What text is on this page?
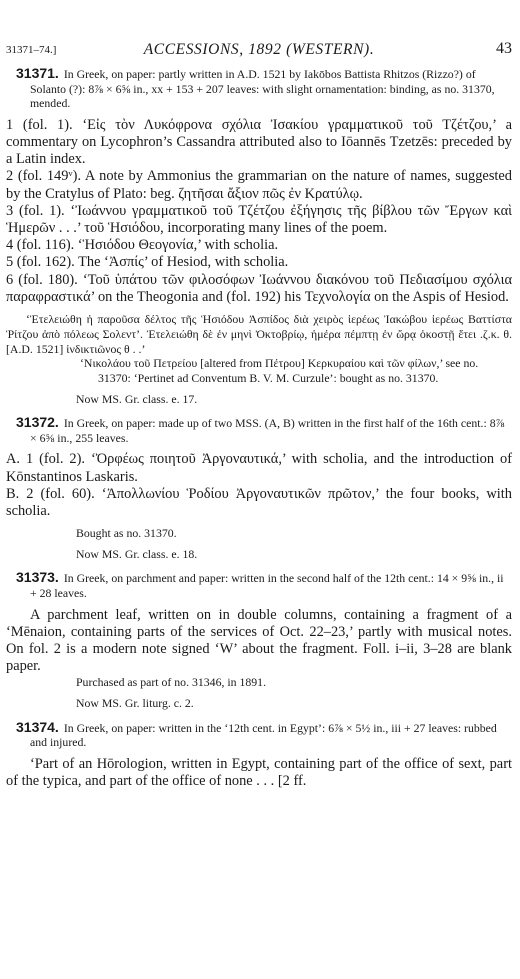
31371–74.]	ACCESSIONS, 1892 (WESTERN).	43
31371. In Greek, on paper: partly written in A.D. 1521 by Iakōbos Battista Rhitzos (Rizzo?) of Solanto (?): 8⅞ × 6⅝ in., xx + 153 + 207 leaves: with slight ornamentation: binding, as no. 31370, mended.
1 (fol. 1). ‘Εἰς τὸν Λυκόφρονα σχόλια Ἰσακίου γραμματικοῦ τοῦ Τζέτζου,’ a commentary on Lycophron’s Cassandra attributed also to Iōannēs Tzetzēs: preceded by a Latin index.
2 (fol. 149ᵛ). A note by Ammonius the grammarian on the nature of names, suggested by the Cratylus of Plato: beg. ζητῆσαι ἄξιον πῶς ἐν Κρατύλῳ.
3 (fol. 1). ‘Ἰωάννου γραμματικοῦ τοῦ Τζέτζου ἐξήγησις τῆς βίβλου τῶν Ἔργων καὶ Ἡμερῶν . . .’ τοῦ Ἡσιόδου, incorporating many lines of the poem.
4 (fol. 116). ‘Ἡσιόδου Θεογονία,’ with scholia.
5 (fol. 162). The ‘Ἀσπίς’ of Hesiod, with scholia.
6 (fol. 180). ‘Τοῦ ὑπάτου τῶν φιλοσόφων Ἰωάννου διακόνου τοῦ Πεδιασίμου σχόλια παραφραστικά’ on the Theogonia and (fol. 192) his Τεχνολογία on the Aspis of Hesiod.
‘Ἐτελειώθη ἡ παροῦσα δέλτος τῆς Ἡσιόδου Ἀσπίδος διὰ χειρὸς ἱερέως Ἰακώβου ἱερέως Βαττίστα Ῥίτζου ἀπὸ πόλεως Σολεντ’. Ἐτελειώθη δὲ ἐν μηνὶ Ὀκτοβρίῳ, ἡμέρα πέμπτῃ ἐν ὥρᾳ ὀκοστῇ ἔτει .ζ.κ. θ. [A.D. 1521] ἰνδικτιῶνος θ . .’
‘Νικολάου τοῦ Πετρείου [altered from Πέτρου] Κερκυραίου καὶ τῶν φίλων,’ see no. 31370: ‘Pertinet ad Conventum B. V. M. Curzule’: bought as no. 31370.
Now MS. Gr. class. e. 17.
31372. In Greek, on paper: made up of two MSS. (A, B) written in the first half of the 16th cent.: 8⅞ × 6⅝ in., 255 leaves.
A. 1 (fol. 2). ‘Ὀρφέως ποιητοῦ Ἀργοναυτικά,’ with scholia, and the introduction of Kōnstantinos Laskaris.
B. 2 (fol. 60). ‘Ἀπολλωνίου Ῥοδίου Ἀργοναυτικῶν πρῶτον,’ the four books, with scholia.
Bought as no. 31370.
Now MS. Gr. class. e. 18.
31373. In Greek, on parchment and paper: written in the second half of the 12th cent.: 14 × 9⅝ in., ii + 28 leaves.
A parchment leaf, written on in double columns, containing a fragment of a ‘Mēnaion, containing parts of the services of Oct. 22–23,’ partly with musical notes. On fol. 2 is a modern note signed ‘W’ about the fragment. Foll. i–ii, 3–28 are blank paper.
Purchased as part of no. 31346, in 1891.
Now MS. Gr. liturg. c. 2.
31374. In Greek, on paper: written in the ‘12th cent. in Egypt’: 6⅞ × 5½ in., iii + 27 leaves: rubbed and injured.
‘Part of an Hōrologion, written in Egypt, containing part of the office of sext, part of the typica, and part of the office of none . . . [2 ff.
